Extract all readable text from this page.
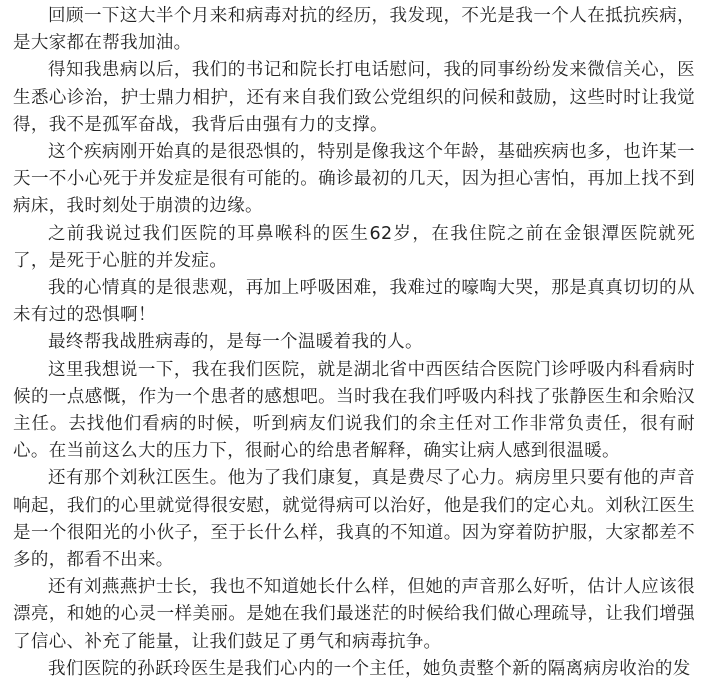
回顾一下这大半个月来和病毒对抗的经历，我发现，不光是我一个人在抵抗疾病，是大家都在帮我加油。

得知我患病以后，我们的书记和院长打电话慰问，我的同事纷纷发来微信关心，医生悉心诊治，护士鼎力相护，还有来自我们致公党组织的问候和鼓励，这些时时让我觉得，我不是孤军奋战，我背后由强有力的支撑。

这个疾病刚开始真的是很恐惧的，特别是像我这个年龄，基础疾病也多，也许某一天一不小心死于并发症是很有可能的。确诊最初的几天，因为担心害怕，再加上找不到病床，我时刻处于崩溃的边缘。

之前我说过我们医院的耳鼻喉科的医生62岁，在我住院之前在金银潭医院就死了，是死于心脏的并发症。

我的心情真的是很悲观，再加上呼吸困难，我难过的嚎啕大哭，那是真真切切的从未有过的恐惧啊！

最终帮我战胜病毒的，是每一个温暖着我的人。

这里我想说一下，我在我们医院，就是湖北省中西医结合医院门诊呼吸内科看病时候的一点感慨，作为一个患者的感想吧。当时我在我们呼吸内科找了张静医生和余贻汉主任。去找他们看病的时候，听到病友们说我们的余主任对工作非常负责任，很有耐心。在当前这么大的压力下，很耐心的给患者解释，确实让病人感到很温暖。

还有那个刘秋江医生。他为了我们康复，真是费尽了心力。病房里只要有他的声音响起，我们的心里就觉得很安慰，就觉得病可以治好，他是我们的定心丸。刘秋江医生是一个很阳光的小伙子，至于长什么样，我真的不知道。因为穿着防护服，大家都差不多的，都看不出来。

还有刘燕燕护士长，我也不知道她长什么样，但她的声音那么好听，估计人应该很漂亮，和她的心灵一样美丽。是她在我们最迷茫的时候给我们做心理疏导，让我们增强了信心、补充了能量，让我们鼓足了勇气和病毒抗争。

我们医院的孙跃玲医生是我们心内的一个主任，她负责整个新的隔离病房收治的发
